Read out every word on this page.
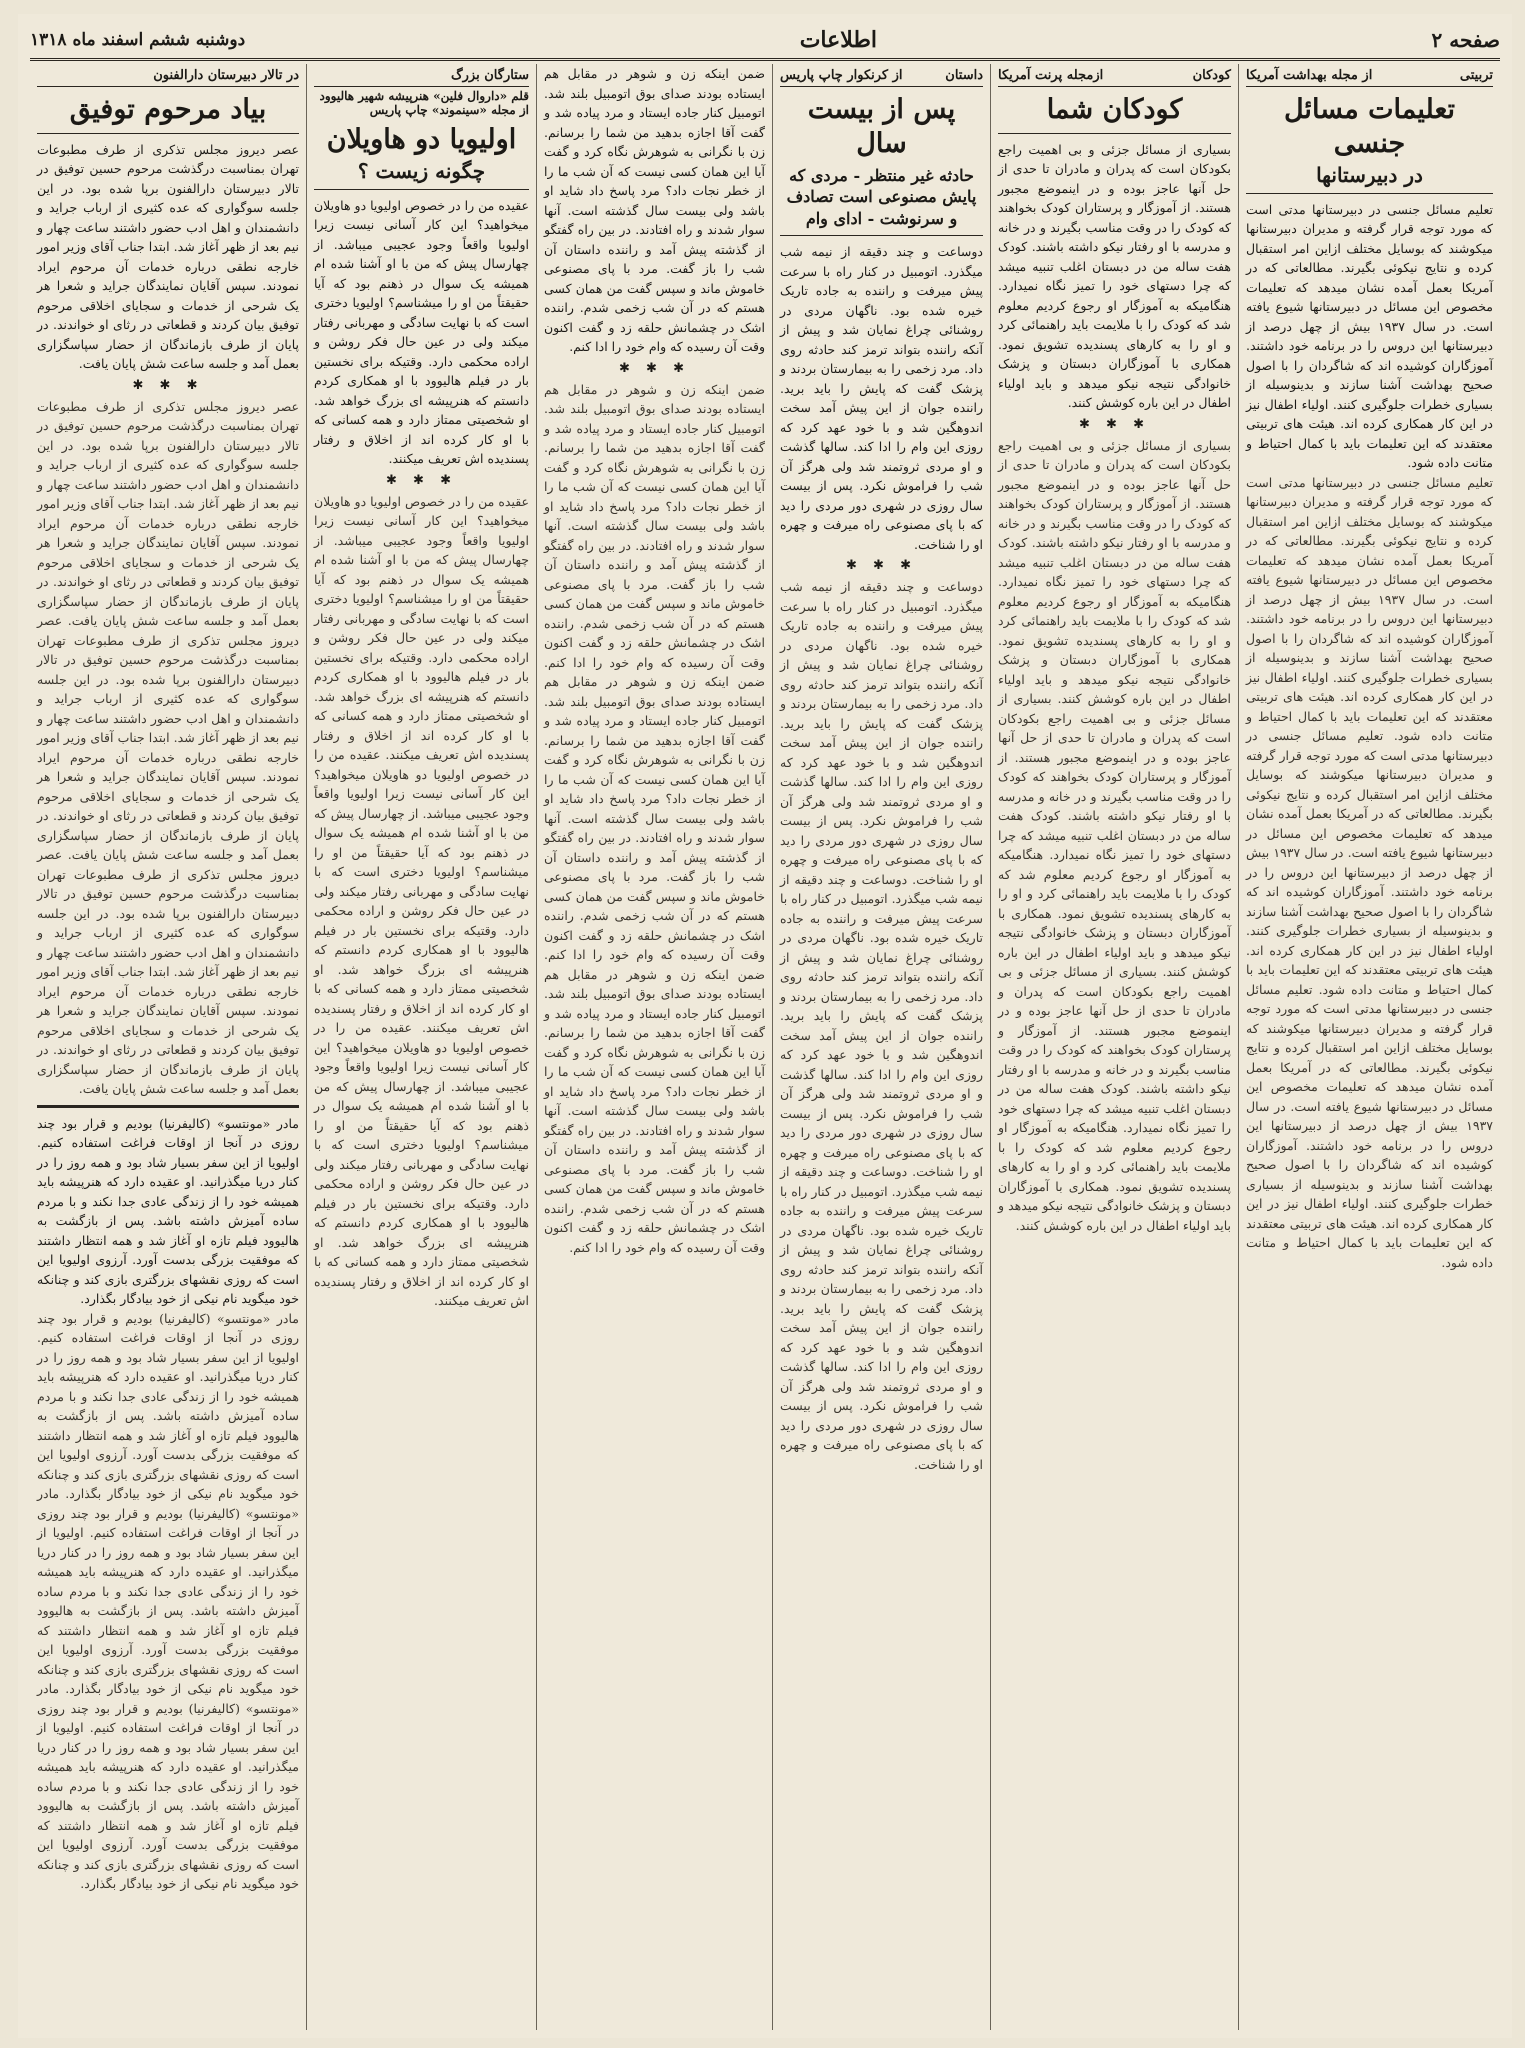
صفحه ۲
اطلاعات
دوشنبه ششم اسفند ماه ۱۳۱۸
تربیتی
از مجله بهداشت آمریکا
تعلیمات مسائل جنسی
در دبیرستانها
تعلیم مسائل جنسی در دبیرستانها مدتی است که مورد توجه قرار گرفته و مدیران دبیرستانها میکوشند که بوسایل مختلف ازاین امر استقبال کرده و نتایج نیکوئی بگیرند. مطالعاتی که در آمریکا بعمل آمده نشان میدهد که تعلیمات مخصوص این مسائل در دبیرستانها شیوع یافته است. در سال ۱۹۳۷ بیش از چهل درصد از دبیرستانها این دروس را در برنامه خود داشتند. آموزگاران کوشیده اند که شاگردان را با اصول صحیح بهداشت آشنا سازند و بدینوسیله از بسیاری خطرات جلوگیری کنند. اولیاء اطفال نیز در این کار همکاری کرده اند. هیئت های تربیتی معتقدند که این تعلیمات باید با کمال احتیاط و متانت داده شود.
تعلیم مسائل جنسی در دبیرستانها مدتی است که مورد توجه قرار گرفته و مدیران دبیرستانها میکوشند که بوسایل مختلف ازاین امر استقبال کرده و نتایج نیکوئی بگیرند. مطالعاتی که در آمریکا بعمل آمده نشان میدهد که تعلیمات مخصوص این مسائل در دبیرستانها شیوع یافته است. در سال ۱۹۳۷ بیش از چهل درصد از دبیرستانها این دروس را در برنامه خود داشتند. آموزگاران کوشیده اند که شاگردان را با اصول صحیح بهداشت آشنا سازند و بدینوسیله از بسیاری خطرات جلوگیری کنند. اولیاء اطفال نیز در این کار همکاری کرده اند. هیئت های تربیتی معتقدند که این تعلیمات باید با کمال احتیاط و متانت داده شود. تعلیم مسائل جنسی در دبیرستانها مدتی است که مورد توجه قرار گرفته و مدیران دبیرستانها میکوشند که بوسایل مختلف ازاین امر استقبال کرده و نتایج نیکوئی بگیرند. مطالعاتی که در آمریکا بعمل آمده نشان میدهد که تعلیمات مخصوص این مسائل در دبیرستانها شیوع یافته است. در سال ۱۹۳۷ بیش از چهل درصد از دبیرستانها این دروس را در برنامه خود داشتند. آموزگاران کوشیده اند که شاگردان را با اصول صحیح بهداشت آشنا سازند و بدینوسیله از بسیاری خطرات جلوگیری کنند. اولیاء اطفال نیز در این کار همکاری کرده اند. هیئت های تربیتی معتقدند که این تعلیمات باید با کمال احتیاط و متانت داده شود. تعلیم مسائل جنسی در دبیرستانها مدتی است که مورد توجه قرار گرفته و مدیران دبیرستانها میکوشند که بوسایل مختلف ازاین امر استقبال کرده و نتایج نیکوئی بگیرند. مطالعاتی که در آمریکا بعمل آمده نشان میدهد که تعلیمات مخصوص این مسائل در دبیرستانها شیوع یافته است. در سال ۱۹۳۷ بیش از چهل درصد از دبیرستانها این دروس را در برنامه خود داشتند. آموزگاران کوشیده اند که شاگردان را با اصول صحیح بهداشت آشنا سازند و بدینوسیله از بسیاری خطرات جلوگیری کنند. اولیاء اطفال نیز در این کار همکاری کرده اند. هیئت های تربیتی معتقدند که این تعلیمات باید با کمال احتیاط و متانت داده شود.
کودکان
ازمجله پرنت آمریکا
کودکان شما
بسیاری از مسائل جزئی و بی اهمیت راجع بکودکان است که پدران و مادران تا حدی از حل آنها عاجز بوده و در اینموضع مجبور هستند. از آموزگار و پرستاران کودک بخواهند که کودک را در وقت مناسب بگیرند و در خانه و مدرسه با او رفتار نیکو داشته باشند. کودک هفت ساله من در دبستان اغلب تنبیه میشد که چرا دستهای خود را تمیز نگاه نمیدارد. هنگامیکه به آموزگار او رجوع کردیم معلوم شد که کودک را با ملایمت باید راهنمائی کرد و او را به کارهای پسندیده تشویق نمود. همکاری با آموزگاران دبستان و پزشک خانوادگی نتیجه نیکو میدهد و باید اولیاء اطفال در این باره کوشش کنند.
✱ ✱ ✱
بسیاری از مسائل جزئی و بی اهمیت راجع بکودکان است که پدران و مادران تا حدی از حل آنها عاجز بوده و در اینموضع مجبور هستند. از آموزگار و پرستاران کودک بخواهند که کودک را در وقت مناسب بگیرند و در خانه و مدرسه با او رفتار نیکو داشته باشند. کودک هفت ساله من در دبستان اغلب تنبیه میشد که چرا دستهای خود را تمیز نگاه نمیدارد. هنگامیکه به آموزگار او رجوع کردیم معلوم شد که کودک را با ملایمت باید راهنمائی کرد و او را به کارهای پسندیده تشویق نمود. همکاری با آموزگاران دبستان و پزشک خانوادگی نتیجه نیکو میدهد و باید اولیاء اطفال در این باره کوشش کنند. بسیاری از مسائل جزئی و بی اهمیت راجع بکودکان است که پدران و مادران تا حدی از حل آنها عاجز بوده و در اینموضع مجبور هستند. از آموزگار و پرستاران کودک بخواهند که کودک را در وقت مناسب بگیرند و در خانه و مدرسه با او رفتار نیکو داشته باشند. کودک هفت ساله من در دبستان اغلب تنبیه میشد که چرا دستهای خود را تمیز نگاه نمیدارد. هنگامیکه به آموزگار او رجوع کردیم معلوم شد که کودک را با ملایمت باید راهنمائی کرد و او را به کارهای پسندیده تشویق نمود. همکاری با آموزگاران دبستان و پزشک خانوادگی نتیجه نیکو میدهد و باید اولیاء اطفال در این باره کوشش کنند. بسیاری از مسائل جزئی و بی اهمیت راجع بکودکان است که پدران و مادران تا حدی از حل آنها عاجز بوده و در اینموضع مجبور هستند. از آموزگار و پرستاران کودک بخواهند که کودک را در وقت مناسب بگیرند و در خانه و مدرسه با او رفتار نیکو داشته باشند. کودک هفت ساله من در دبستان اغلب تنبیه میشد که چرا دستهای خود را تمیز نگاه نمیدارد. هنگامیکه به آموزگار او رجوع کردیم معلوم شد که کودک را با ملایمت باید راهنمائی کرد و او را به کارهای پسندیده تشویق نمود. همکاری با آموزگاران دبستان و پزشک خانوادگی نتیجه نیکو میدهد و باید اولیاء اطفال در این باره کوشش کنند.
داستان
از کرنکوار چاپ پاریس
پس از بیست سال
حادثه غیر منتظر - مردی که پایش مصنوعی است تصادف و سرنوشت - ادای وام
دوساعت و چند دقیقه از نیمه شب میگذرد. اتومبیل در کنار راه با سرعت پیش میرفت و راننده به جاده تاریک خیره شده بود. ناگهان مردی در روشنائی چراغ نمایان شد و پیش از آنکه راننده بتواند ترمز کند حادثه روی داد. مرد زخمی را به بیمارستان بردند و پزشک گفت که پایش را باید برید. راننده جوان از این پیش آمد سخت اندوهگین شد و با خود عهد کرد که روزی این وام را ادا کند. سالها گذشت و او مردی ثروتمند شد ولی هرگز آن شب را فراموش نکرد. پس از بیست سال روزی در شهری دور مردی را دید که با پای مصنوعی راه میرفت و چهره او را شناخت.
✱ ✱ ✱
دوساعت و چند دقیقه از نیمه شب میگذرد. اتومبیل در کنار راه با سرعت پیش میرفت و راننده به جاده تاریک خیره شده بود. ناگهان مردی در روشنائی چراغ نمایان شد و پیش از آنکه راننده بتواند ترمز کند حادثه روی داد. مرد زخمی را به بیمارستان بردند و پزشک گفت که پایش را باید برید. راننده جوان از این پیش آمد سخت اندوهگین شد و با خود عهد کرد که روزی این وام را ادا کند. سالها گذشت و او مردی ثروتمند شد ولی هرگز آن شب را فراموش نکرد. پس از بیست سال روزی در شهری دور مردی را دید که با پای مصنوعی راه میرفت و چهره او را شناخت. دوساعت و چند دقیقه از نیمه شب میگذرد. اتومبیل در کنار راه با سرعت پیش میرفت و راننده به جاده تاریک خیره شده بود. ناگهان مردی در روشنائی چراغ نمایان شد و پیش از آنکه راننده بتواند ترمز کند حادثه روی داد. مرد زخمی را به بیمارستان بردند و پزشک گفت که پایش را باید برید. راننده جوان از این پیش آمد سخت اندوهگین شد و با خود عهد کرد که روزی این وام را ادا کند. سالها گذشت و او مردی ثروتمند شد ولی هرگز آن شب را فراموش نکرد. پس از بیست سال روزی در شهری دور مردی را دید که با پای مصنوعی راه میرفت و چهره او را شناخت. دوساعت و چند دقیقه از نیمه شب میگذرد. اتومبیل در کنار راه با سرعت پیش میرفت و راننده به جاده تاریک خیره شده بود. ناگهان مردی در روشنائی چراغ نمایان شد و پیش از آنکه راننده بتواند ترمز کند حادثه روی داد. مرد زخمی را به بیمارستان بردند و پزشک گفت که پایش را باید برید. راننده جوان از این پیش آمد سخت اندوهگین شد و با خود عهد کرد که روزی این وام را ادا کند. سالها گذشت و او مردی ثروتمند شد ولی هرگز آن شب را فراموش نکرد. پس از بیست سال روزی در شهری دور مردی را دید که با پای مصنوعی راه میرفت و چهره او را شناخت.
ضمن اینکه زن و شوهر در مقابل هم ایستاده بودند صدای بوق اتومبیل بلند شد. اتومبیل کنار جاده ایستاد و مرد پیاده شد و گفت آقا اجازه بدهید من شما را برسانم. زن با نگرانی به شوهرش نگاه کرد و گفت آیا این همان کسی نیست که آن شب ما را از خطر نجات داد؟ مرد پاسخ داد شاید او باشد ولی بیست سال گذشته است. آنها سوار شدند و راه افتادند. در بین راه گفتگو از گذشته پیش آمد و راننده داستان آن شب را باز گفت. مرد با پای مصنوعی خاموش ماند و سپس گفت من همان کسی هستم که در آن شب زخمی شدم. راننده اشک در چشمانش حلقه زد و گفت اکنون وقت آن رسیده که وام خود را ادا کنم.
✱ ✱ ✱
ضمن اینکه زن و شوهر در مقابل هم ایستاده بودند صدای بوق اتومبیل بلند شد. اتومبیل کنار جاده ایستاد و مرد پیاده شد و گفت آقا اجازه بدهید من شما را برسانم. زن با نگرانی به شوهرش نگاه کرد و گفت آیا این همان کسی نیست که آن شب ما را از خطر نجات داد؟ مرد پاسخ داد شاید او باشد ولی بیست سال گذشته است. آنها سوار شدند و راه افتادند. در بین راه گفتگو از گذشته پیش آمد و راننده داستان آن شب را باز گفت. مرد با پای مصنوعی خاموش ماند و سپس گفت من همان کسی هستم که در آن شب زخمی شدم. راننده اشک در چشمانش حلقه زد و گفت اکنون وقت آن رسیده که وام خود را ادا کنم. ضمن اینکه زن و شوهر در مقابل هم ایستاده بودند صدای بوق اتومبیل بلند شد. اتومبیل کنار جاده ایستاد و مرد پیاده شد و گفت آقا اجازه بدهید من شما را برسانم. زن با نگرانی به شوهرش نگاه کرد و گفت آیا این همان کسی نیست که آن شب ما را از خطر نجات داد؟ مرد پاسخ داد شاید او باشد ولی بیست سال گذشته است. آنها سوار شدند و راه افتادند. در بین راه گفتگو از گذشته پیش آمد و راننده داستان آن شب را باز گفت. مرد با پای مصنوعی خاموش ماند و سپس گفت من همان کسی هستم که در آن شب زخمی شدم. راننده اشک در چشمانش حلقه زد و گفت اکنون وقت آن رسیده که وام خود را ادا کنم. ضمن اینکه زن و شوهر در مقابل هم ایستاده بودند صدای بوق اتومبیل بلند شد. اتومبیل کنار جاده ایستاد و مرد پیاده شد و گفت آقا اجازه بدهید من شما را برسانم. زن با نگرانی به شوهرش نگاه کرد و گفت آیا این همان کسی نیست که آن شب ما را از خطر نجات داد؟ مرد پاسخ داد شاید او باشد ولی بیست سال گذشته است. آنها سوار شدند و راه افتادند. در بین راه گفتگو از گذشته پیش آمد و راننده داستان آن شب را باز گفت. مرد با پای مصنوعی خاموش ماند و سپس گفت من همان کسی هستم که در آن شب زخمی شدم. راننده اشک در چشمانش حلقه زد و گفت اکنون وقت آن رسیده که وام خود را ادا کنم.
ستارگان بزرگ
قلم «داروال فلین» هنرپیشه شهیر هالیوود از مجله «سینموند» چاپ پاریس
اولیویا دو هاویلان
چگونه زیست ؟
عقیده من را در خصوص اولیویا دو هاویلان میخواهید؟ این کار آسانی نیست زیرا اولیویا واقعاً وجود عجیبی میباشد. از چهارسال پیش که من با او آشنا شده ام همیشه یک سوال در ذهنم بود که آیا حقیقتاً من او را میشناسم؟ اولیویا دختری است که با نهایت سادگی و مهربانی رفتار میکند ولی در عین حال فکر روشن و اراده محکمی دارد. وقتیکه برای نخستین بار در فیلم هالیوود با او همکاری کردم دانستم که هنرپیشه ای بزرگ خواهد شد. او شخصیتی ممتاز دارد و همه کسانی که با او کار کرده اند از اخلاق و رفتار پسندیده اش تعریف میکنند.
✱ ✱ ✱
عقیده من را در خصوص اولیویا دو هاویلان میخواهید؟ این کار آسانی نیست زیرا اولیویا واقعاً وجود عجیبی میباشد. از چهارسال پیش که من با او آشنا شده ام همیشه یک سوال در ذهنم بود که آیا حقیقتاً من او را میشناسم؟ اولیویا دختری است که با نهایت سادگی و مهربانی رفتار میکند ولی در عین حال فکر روشن و اراده محکمی دارد. وقتیکه برای نخستین بار در فیلم هالیوود با او همکاری کردم دانستم که هنرپیشه ای بزرگ خواهد شد. او شخصیتی ممتاز دارد و همه کسانی که با او کار کرده اند از اخلاق و رفتار پسندیده اش تعریف میکنند. عقیده من را در خصوص اولیویا دو هاویلان میخواهید؟ این کار آسانی نیست زیرا اولیویا واقعاً وجود عجیبی میباشد. از چهارسال پیش که من با او آشنا شده ام همیشه یک سوال در ذهنم بود که آیا حقیقتاً من او را میشناسم؟ اولیویا دختری است که با نهایت سادگی و مهربانی رفتار میکند ولی در عین حال فکر روشن و اراده محکمی دارد. وقتیکه برای نخستین بار در فیلم هالیوود با او همکاری کردم دانستم که هنرپیشه ای بزرگ خواهد شد. او شخصیتی ممتاز دارد و همه کسانی که با او کار کرده اند از اخلاق و رفتار پسندیده اش تعریف میکنند. عقیده من را در خصوص اولیویا دو هاویلان میخواهید؟ این کار آسانی نیست زیرا اولیویا واقعاً وجود عجیبی میباشد. از چهارسال پیش که من با او آشنا شده ام همیشه یک سوال در ذهنم بود که آیا حقیقتاً من او را میشناسم؟ اولیویا دختری است که با نهایت سادگی و مهربانی رفتار میکند ولی در عین حال فکر روشن و اراده محکمی دارد. وقتیکه برای نخستین بار در فیلم هالیوود با او همکاری کردم دانستم که هنرپیشه ای بزرگ خواهد شد. او شخصیتی ممتاز دارد و همه کسانی که با او کار کرده اند از اخلاق و رفتار پسندیده اش تعریف میکنند.
در تالار دبیرستان دارالفنون
بیاد مرحوم توفیق
عصر دیروز مجلس تذکری از طرف مطبوعات تهران بمناسبت درگذشت مرحوم حسین توفیق در تالار دبیرستان دارالفنون برپا شده بود. در این جلسه سوگواری که عده کثیری از ارباب جراید و دانشمندان و اهل ادب حضور داشتند ساعت چهار و نیم بعد از ظهر آغاز شد. ابتدا جناب آقای وزیر امور خارجه نطقی درباره خدمات آن مرحوم ایراد نمودند. سپس آقایان نمایندگان جراید و شعرا هر یک شرحی از خدمات و سجایای اخلاقی مرحوم توفیق بیان کردند و قطعاتی در رثای او خواندند. در پایان از طرف بازماندگان از حضار سپاسگزاری بعمل آمد و جلسه ساعت شش پایان یافت.
✱ ✱ ✱
عصر دیروز مجلس تذکری از طرف مطبوعات تهران بمناسبت درگذشت مرحوم حسین توفیق در تالار دبیرستان دارالفنون برپا شده بود. در این جلسه سوگواری که عده کثیری از ارباب جراید و دانشمندان و اهل ادب حضور داشتند ساعت چهار و نیم بعد از ظهر آغاز شد. ابتدا جناب آقای وزیر امور خارجه نطقی درباره خدمات آن مرحوم ایراد نمودند. سپس آقایان نمایندگان جراید و شعرا هر یک شرحی از خدمات و سجایای اخلاقی مرحوم توفیق بیان کردند و قطعاتی در رثای او خواندند. در پایان از طرف بازماندگان از حضار سپاسگزاری بعمل آمد و جلسه ساعت شش پایان یافت. عصر دیروز مجلس تذکری از طرف مطبوعات تهران بمناسبت درگذشت مرحوم حسین توفیق در تالار دبیرستان دارالفنون برپا شده بود. در این جلسه سوگواری که عده کثیری از ارباب جراید و دانشمندان و اهل ادب حضور داشتند ساعت چهار و نیم بعد از ظهر آغاز شد. ابتدا جناب آقای وزیر امور خارجه نطقی درباره خدمات آن مرحوم ایراد نمودند. سپس آقایان نمایندگان جراید و شعرا هر یک شرحی از خدمات و سجایای اخلاقی مرحوم توفیق بیان کردند و قطعاتی در رثای او خواندند. در پایان از طرف بازماندگان از حضار سپاسگزاری بعمل آمد و جلسه ساعت شش پایان یافت. عصر دیروز مجلس تذکری از طرف مطبوعات تهران بمناسبت درگذشت مرحوم حسین توفیق در تالار دبیرستان دارالفنون برپا شده بود. در این جلسه سوگواری که عده کثیری از ارباب جراید و دانشمندان و اهل ادب حضور داشتند ساعت چهار و نیم بعد از ظهر آغاز شد. ابتدا جناب آقای وزیر امور خارجه نطقی درباره خدمات آن مرحوم ایراد نمودند. سپس آقایان نمایندگان جراید و شعرا هر یک شرحی از خدمات و سجایای اخلاقی مرحوم توفیق بیان کردند و قطعاتی در رثای او خواندند. در پایان از طرف بازماندگان از حضار سپاسگزاری بعمل آمد و جلسه ساعت شش پایان یافت.
مادر «مونتسو» (کالیفرنیا) بودیم و قرار بود چند روزی در آنجا از اوقات فراغت استفاده کنیم. اولیویا از این سفر بسیار شاد بود و همه روز را در کنار دریا میگذرانید. او عقیده دارد که هنرپیشه باید همیشه خود را از زندگی عادی جدا نکند و با مردم ساده آمیزش داشته باشد. پس از بازگشت به هالیوود فیلم تازه او آغاز شد و همه انتظار داشتند که موفقیت بزرگی بدست آورد. آرزوی اولیویا این است که روزی نقشهای بزرگتری بازی کند و چنانکه خود میگوید نام نیکی از خود بیادگار بگذارد.
مادر «مونتسو» (کالیفرنیا) بودیم و قرار بود چند روزی در آنجا از اوقات فراغت استفاده کنیم. اولیویا از این سفر بسیار شاد بود و همه روز را در کنار دریا میگذرانید. او عقیده دارد که هنرپیشه باید همیشه خود را از زندگی عادی جدا نکند و با مردم ساده آمیزش داشته باشد. پس از بازگشت به هالیوود فیلم تازه او آغاز شد و همه انتظار داشتند که موفقیت بزرگی بدست آورد. آرزوی اولیویا این است که روزی نقشهای بزرگتری بازی کند و چنانکه خود میگوید نام نیکی از خود بیادگار بگذارد. مادر «مونتسو» (کالیفرنیا) بودیم و قرار بود چند روزی در آنجا از اوقات فراغت استفاده کنیم. اولیویا از این سفر بسیار شاد بود و همه روز را در کنار دریا میگذرانید. او عقیده دارد که هنرپیشه باید همیشه خود را از زندگی عادی جدا نکند و با مردم ساده آمیزش داشته باشد. پس از بازگشت به هالیوود فیلم تازه او آغاز شد و همه انتظار داشتند که موفقیت بزرگی بدست آورد. آرزوی اولیویا این است که روزی نقشهای بزرگتری بازی کند و چنانکه خود میگوید نام نیکی از خود بیادگار بگذارد. مادر «مونتسو» (کالیفرنیا) بودیم و قرار بود چند روزی در آنجا از اوقات فراغت استفاده کنیم. اولیویا از این سفر بسیار شاد بود و همه روز را در کنار دریا میگذرانید. او عقیده دارد که هنرپیشه باید همیشه خود را از زندگی عادی جدا نکند و با مردم ساده آمیزش داشته باشد. پس از بازگشت به هالیوود فیلم تازه او آغاز شد و همه انتظار داشتند که موفقیت بزرگی بدست آورد. آرزوی اولیویا این است که روزی نقشهای بزرگتری بازی کند و چنانکه خود میگوید نام نیکی از خود بیادگار بگذارد.
